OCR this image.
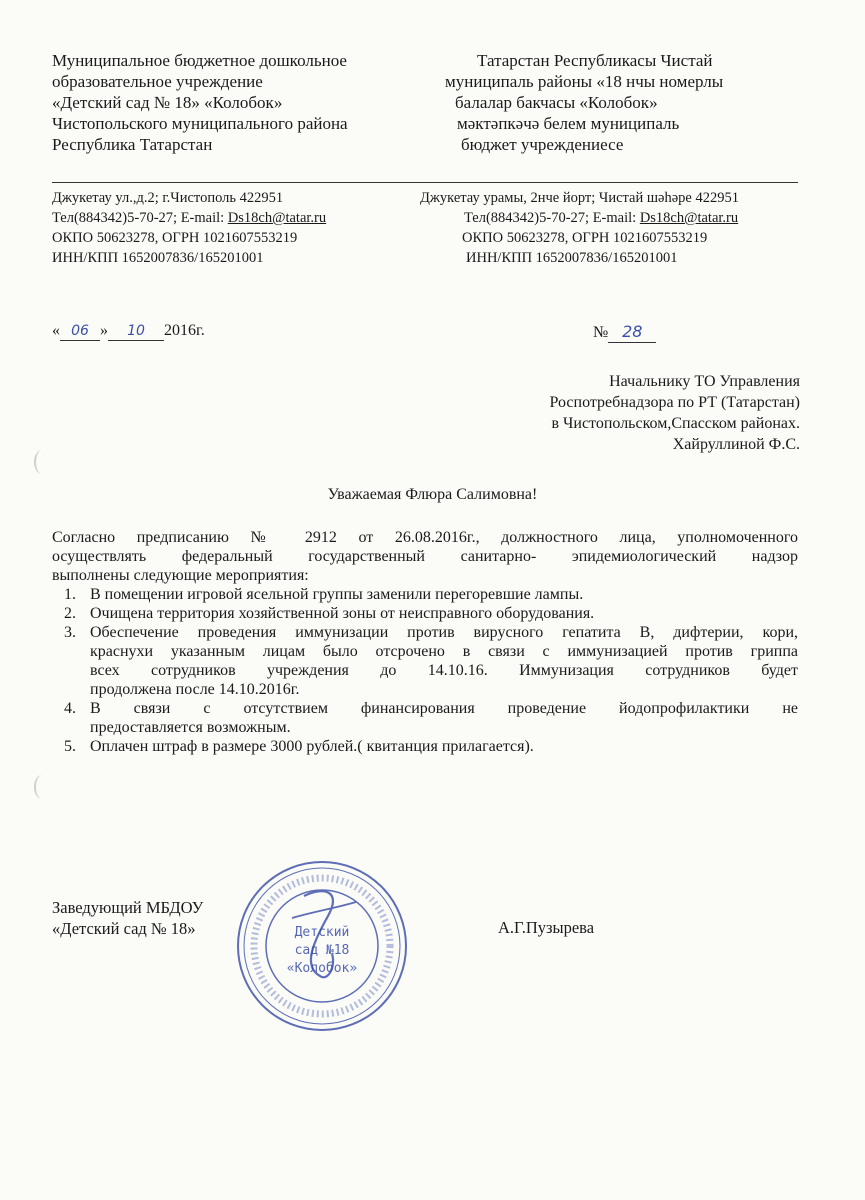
Муниципальное бюджетное дошкольное
образовательное учреждение
«Детский сад № 18» «Колобок»
Чистопольского муниципального района
Республика Татарстан
Татарстан Республикасы Чистай
муниципаль районы «18 нчы номерлы
балалар бакчасы «Колобок»
мәктәпкәчә белем муниципаль
бюджет учреждениесе
Джукетау ул.,д.2; г.Чистополь 422951
Тел(884342)5-70-27; E-mail: Ds18ch@tatar.ru
ОКПО 50623278, ОГРН 1021607553219
ИНН/КПП 1652007836/165201001
Джукетау урамы, 2нче йорт; Чистай шәһәре 422951
Тел(884342)5-70-27; E-mail: Ds18ch@tatar.ru
ОКПО 50623278, ОГРН 1021607553219
ИНН/КПП 1652007836/165201001
« 06 » 10 2016г.	№ 28
Начальнику ТО Управления
Роспотребнадзора по РТ (Татарстан)
в Чистопольском,Спасском районах.
Хайруллиной Ф.С.
Уважаемая Флюра Салимовна!
Согласно предписанию № 2912 от 26.08.2016г., должностного лица, уполномоченного
осуществлять федеральный государственный санитарно- эпидемиологический надзор
выполнены следующие мероприятия:
1. В помещении игровой ясельной группы заменили перегоревшие лампы.
2. Очищена территория хозяйственной зоны от неисправного оборудования.
3. Обеспечение проведения иммунизации против вирусного гепатита В, дифтерии, кори,
краснухи указанным лицам было отсрочено в связи с иммунизацией против гриппа
всех сотрудников учреждения до 14.10.16. Иммунизация сотрудников будет
продолжена после 14.10.2016г.
4. В связи с отсутствием финансирования проведение йодопрофилактики не
предоставляется возможным.
5. Оплачен штраф в размере 3000 рублей.( квитанция прилагается).
Заведующий МБДОУ
«Детский сад № 18»	А.Г.Пузырева
Детский
сад №18
«Колобок»
